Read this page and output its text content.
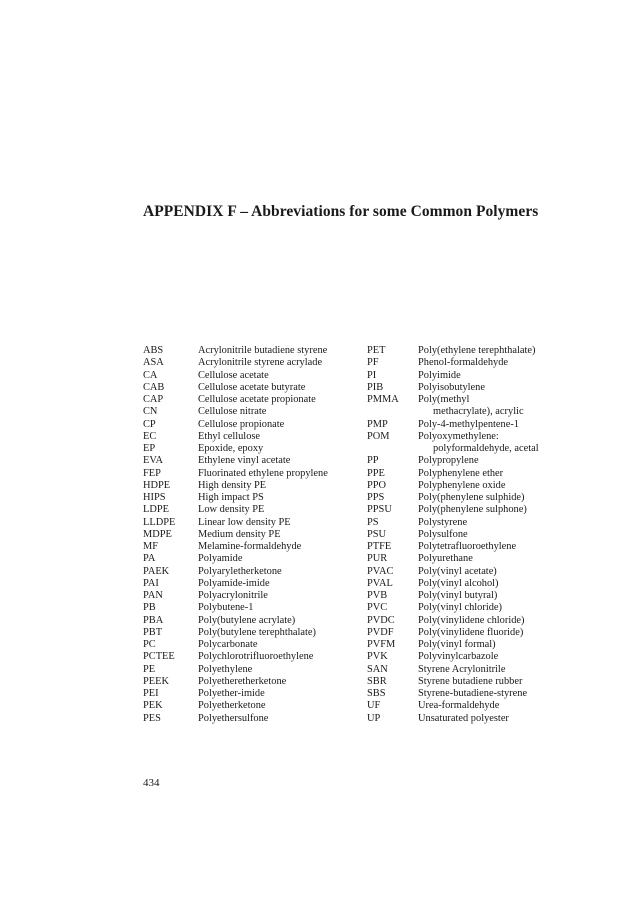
APPENDIX F – Abbreviations for some Common Polymers
ABS	Acrylonitrile butadiene styrene
ASA	Acrylonitrile styrene acrylade
CA	Cellulose acetate
CAB	Cellulose acetate butyrate
CAP	Cellulose acetate propionate
CN	Cellulose nitrate
CP	Cellulose propionate
EC	Ethyl cellulose
EP	Epoxide, epoxy
EVA	Ethylene vinyl acetate
FEP	Fluorinated ethylene propylene
HDPE	High density PE
HIPS	High impact PS
LDPE	Low density PE
LLDPE Linear low density PE
MDPE	Medium density PE
MF	Melamine-formaldehyde
PA	Polyamide
PAEK	Polyaryletherketone
PAI	Polyamide-imide
PAN	Polyacrylonitrile
PB	Polybutene-1
PBA	Poly(butylene acrylate)
PBT	Poly(butylene terephthalate)
PC	Polycarbonate
PCTEE Polychlorotrifluoroethylene
PE	Polyethylene
PEEK	Polyetheretherketone
PEI	Polyether-imide
PEK	Polyetherketone
PES	Polyethersulfone
PET	Poly(ethylene terephthalate)
PF	Phenol-formaldehyde
PI	Polyimide
PIB	Polyisobutylene
PMMA Poly(methyl
methacrylate), acrylic
PMP	Poly-4-methylpentene-1
POM	Polyoxymethylene:
polyformaldehyde, acetal
PP	Polypropylene
PPE	Polyphenylene ether
PPO	Polyphenylene oxide
PPS	Poly(phenylene sulphide)
PPSU	Poly(phenylene sulphone)
PS	Polystyrene
PSU	Polysulfone
PTFE	Polytetrafluoroethylene
PUR	Polyurethane
PVAC Poly(vinyl acetate)
PVAL Poly(vinyl alcohol)
PVB	Poly(vinyl butyral)
PVC	Poly(vinyl chloride)
PVDC Poly(vinylidene chloride)
PVDF Poly(vinylidene fluoride)
PVFM Poly(vinyl formal)
PVK	Polyvinylcarbazole
SAN	Styrene Acrylonitrile
SBR	Styrene butadiene rubber
SBS	Styrene-butadiene-styrene
UF	Urea-formaldehyde
UP	Unsaturated polyester
434
